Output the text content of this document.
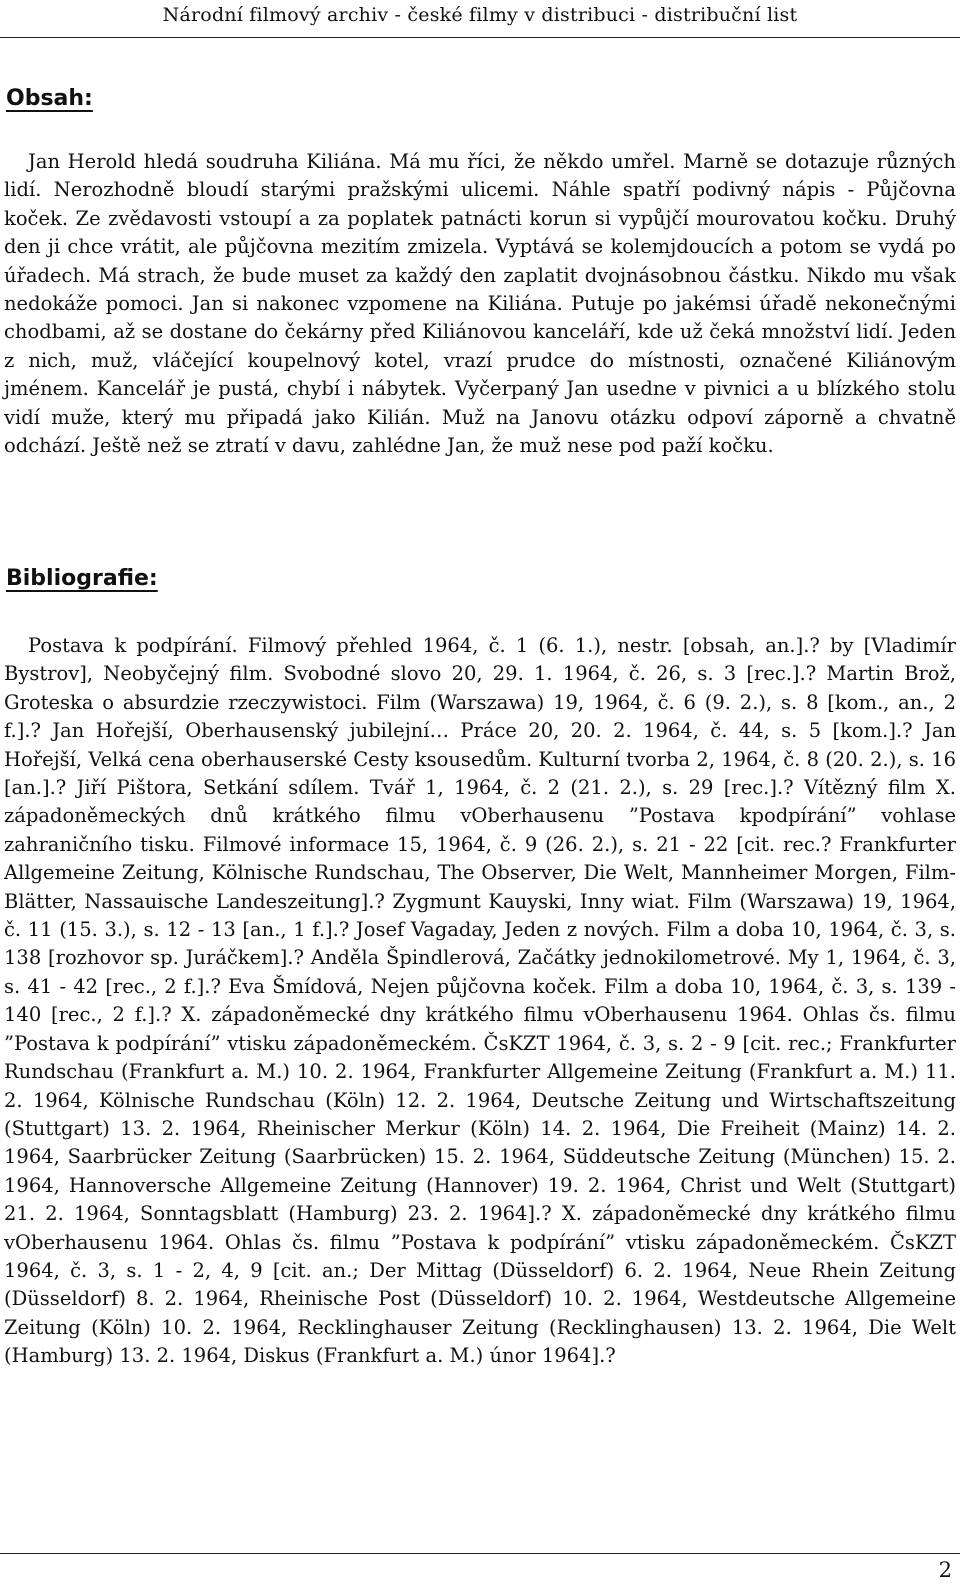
Národní filmový archiv - české filmy v distribuci - distribuční list
Obsah:

Jan Herold hledá soudruha Kiliána. Má mu říci, že někdo umřel. Marně se dotazuje různých lidí. Nerozhodně bloudí starými pražskými ulicemi. Náhle spatří podivný nápis - Půjčovna koček. Ze zvědavosti vstoupí a za poplatek patnácti korun si vypůjčí mourovatou kočku. Druhý den ji chce vrátit, ale půjčovna mezitím zmizela. Vyptává se kolemjdoucích a potom se vydá po úřadech. Má strach, že bude muset za každý den zaplatit dvojnásobnou částku. Nikdo mu však nedokáže pomoci. Jan si nakonec vzpomene na Kiliána. Putuje po jakémsi úřadě nekonečnými chodbami, až se dostane do čekárny před Kiliánovou kanceláří, kde už čeká množství lidí. Jeden z nich, muž, vláčející koupelnový kotel, vrazí prudce do místnosti, označené Kiliánovým jménem. Kancelář je pustá, chybí i nábytek. Vyčerpaný Jan usedne v pivnici a u blízkého stolu vidí muže, který mu připadá jako Kilián. Muž na Janovu otázku odpoví záporně a chvatně odchází. Ještě než se ztratí v davu, zahlédne Jan, že muž nese pod paží kočku.

Bibliografie:

Postava k podpírání. Filmový přehled 1964, č. 1 (6. 1.), nestr. [obsah, an.].? by [Vladimír Bystrov], Neobyčejný film. Svobodné slovo 20, 29. 1. 1964, č. 26, s. 3 [rec.].? Martin Brož, Groteska o absurdzie rzeczywistoci. Film (Warszawa) 19, 1964, č. 6 (9. 2.), s. 8 [kom., an., 2 f.].? Jan Hořejší, Oberhausenský jubilejní… Práce 20, 20. 2. 1964, č. 44, s. 5 [kom.].? Jan Hořejší, Velká cena oberhauserské Cesty ksousedům. Kulturní tvorba 2, 1964, č. 8 (20. 2.), s. 16 [an.].? Jiří Pištora, Setkání sdílem. Tvář 1, 1964, č. 2 (21. 2.), s. 29 [rec.].? Vítězný film X. západoněmeckých dnů krátkého filmu vOberhausenu ”Postava kpodpírání” vohlase zahraničního tisku. Filmové informace 15, 1964, č. 9 (26. 2.), s. 21 - 22 [cit. rec.? Frankfurter Allgemeine Zeitung, Kölnische Rundschau, The Observer, Die Welt, Mannheimer Morgen, Film-Blätter, Nassauische Landeszeitung].? Zygmunt Kauyski, Inny wiat. Film (Warszawa) 19, 1964, č. 11 (15. 3.), s. 12 - 13 [an., 1 f.].? Josef Vagaday, Jeden z nových. Film a doba 10, 1964, č. 3, s. 138 [rozhovor sp. Juráčkem].? Anděla Špindlerová, Začátky jednokilometrové. My 1, 1964, č. 3, s. 41 - 42 [rec., 2 f.].? Eva Šmídová, Nejen půjčovna koček. Film a doba 10, 1964, č. 3, s. 139 - 140 [rec., 2 f.].? X. západoněmecké dny krátkého filmu vOberhausenu 1964. Ohlas čs. filmu ”Postava k podpírání” vtisku západoněmeckém. ČsKZT 1964, č. 3, s. 2 - 9 [cit. rec.; Frankfurter Rundschau (Frankfurt a. M.) 10. 2. 1964, Frankfurter Allgemeine Zeitung (Frankfurt a. M.) 11. 2. 1964, Kölnische Rundschau (Köln) 12. 2. 1964, Deutsche Zeitung und Wirtschaftszeitung (Stuttgart) 13. 2. 1964, Rheinischer Merkur (Köln) 14. 2. 1964, Die Freiheit (Mainz) 14. 2. 1964, Saarbrücker Zeitung (Saarbrücken) 15. 2. 1964, Süddeutsche Zeitung (München) 15. 2. 1964, Hannoversche Allgemeine Zeitung (Hannover) 19. 2. 1964, Christ und Welt (Stuttgart) 21. 2. 1964, Sonntagsblatt (Hamburg) 23. 2. 1964].? X. západoněmecké dny krátkého filmu vOberhausenu 1964. Ohlas čs. filmu ”Postava k podpírání” vtisku západoněmeckém. ČsKZT 1964, č. 3, s. 1 - 2, 4, 9 [cit. an.; Der Mittag (Düsseldorf) 6. 2. 1964, Neue Rhein Zeitung (Düsseldorf) 8. 2. 1964, Rheinische Post (Düsseldorf) 10. 2. 1964, Westdeutsche Allgemeine Zeitung (Köln) 10. 2. 1964, Recklinghauser Zeitung (Recklinghausen) 13. 2. 1964, Die Welt (Hamburg) 13. 2. 1964, Diskus (Frankfurt a. M.) únor 1964].?

2
